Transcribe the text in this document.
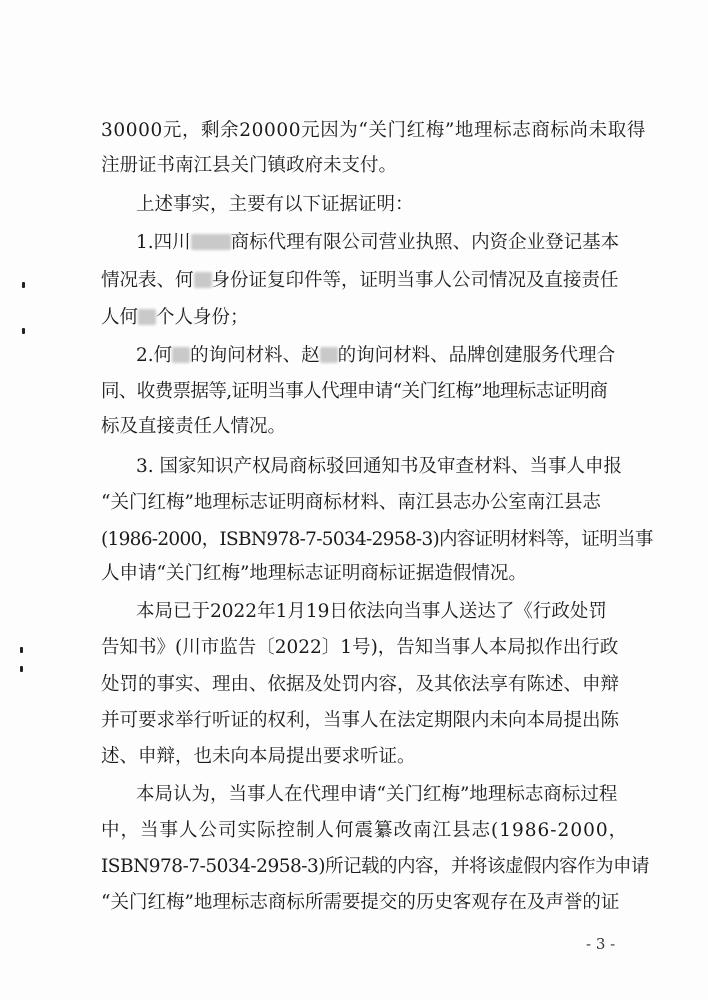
30000元，剩余20000元因为“关门红梅”地理标志商标尚未取得
注册证书南江县关门镇政府未支付。
上述事实，主要有以下证据证明：
1.四川 商标代理有限公司营业执照、内资企业登记基本
情况表、何 身份证复印件等，证明当事人公司情况及直接责任
人何 个人身份；
2.何 的询问材料、赵 的询问材料、品牌创建服务代理合
同、收费票据等,证明当事人代理申请“关门红梅”地理标志证明商
标及直接责任人情况。
3. 国家知识产权局商标驳回通知书及审查材料、当事人申报
“关门红梅”地理标志证明商标材料、南江县志办公室南江县志
(1986-2000，ISBN978-7-5034-2958-3)内容证明材料等，证明当事
人申请“关门红梅”地理标志证明商标证据造假情况。
本局已于2022年1月19日依法向当事人送达了《行政处罚
告知书》(川市监告〔2022〕1号)，告知当事人本局拟作出行政
处罚的事实、理由、依据及处罚内容，及其依法享有陈述、申辩
并可要求举行听证的权利，当事人在法定期限内未向本局提出陈
述、申辩，也未向本局提出要求听证。
本局认为，当事人在代理申请“关门红梅”地理标志商标过程
中，当事人公司实际控制人何震纂改南江县志(1986-2000，
ISBN978-7-5034-2958-3)所记载的内容，并将该虚假内容作为申请
“关门红梅”地理标志商标所需要提交的历史客观存在及声誉的证
- 3 -
